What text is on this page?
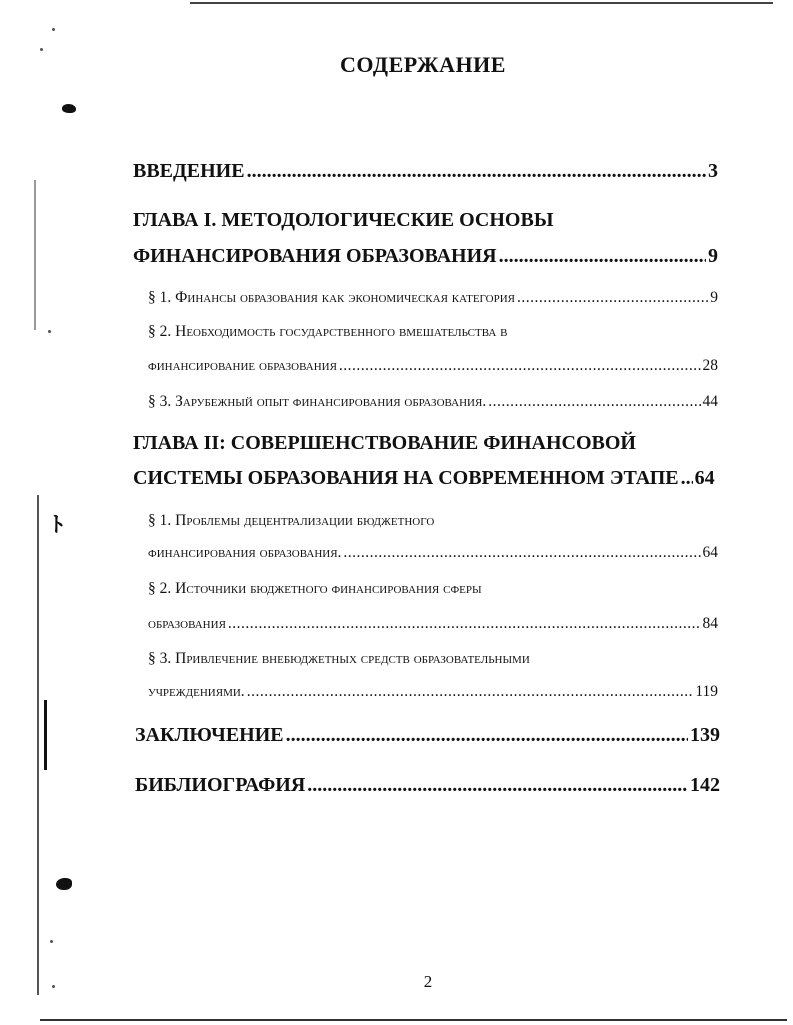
ﾄ
СОДЕРЖАНИЕ
ВВЕДЕНИЕ .....	3
ГЛАВА I. МЕТОДОЛОГИЧЕСКИЕ ОСНОВЫ
ФИНАНСИРОВАНИЯ ОБРАЗОВАНИЯ .....	9
§ 1. Финансы образования как экономическая категория .....	9
§ 2. Необходимость государственного вмешательства в
финансирование образования .....	28
§ 3. Зарубежный опыт финансирования образования. .....	44
ГЛАВА II: СОВЕРШЕНСТВОВАНИЕ ФИНАНСОВОЙ
СИСТЕМЫ ОБРАЗОВАНИЯ НА СОВРЕМЕННОМ ЭТАПЕ ..... 64
§ 1. Проблемы децентрализации бюджетного
финансирования образования. .....	64
§ 2. Источники бюджетного финансирования сферы
образования .....	84
§ 3. Привлечение внебюджетных средств образовательными
учреждениями. .....	119
ЗАКЛЮЧЕНИЕ .....	139
БИБЛИОГРАФИЯ .....	142
2
